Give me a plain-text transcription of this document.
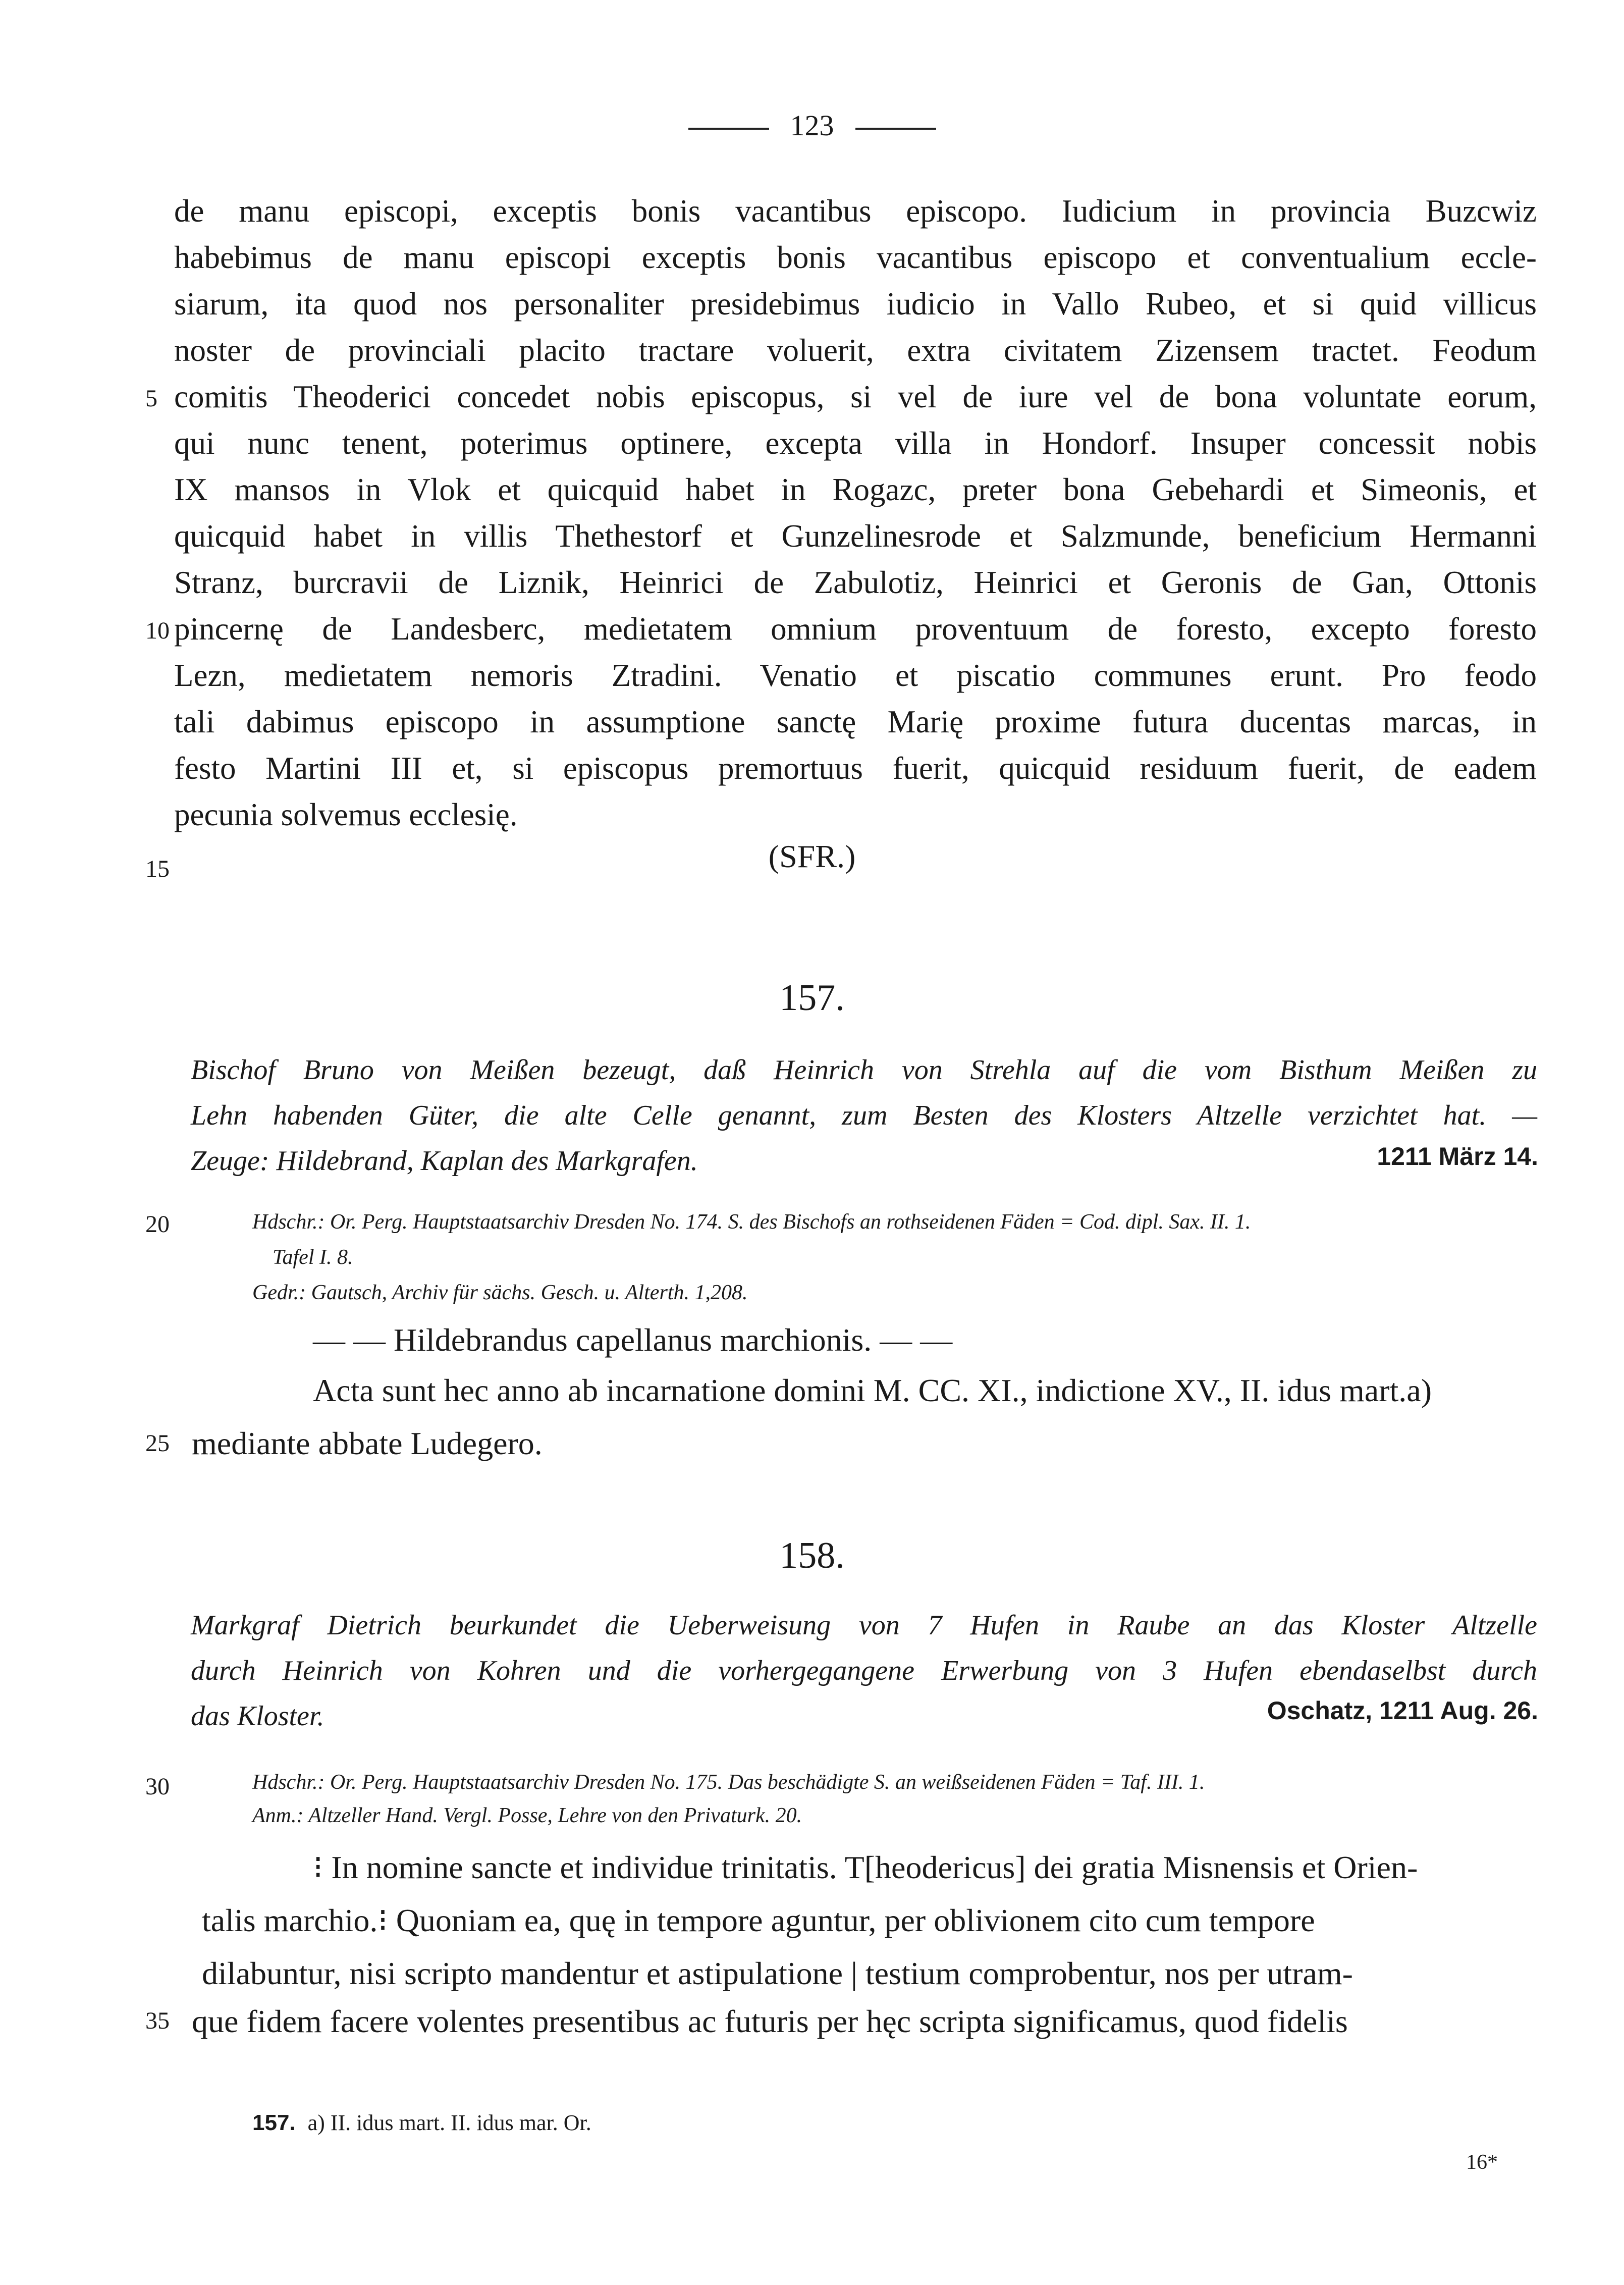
123
de manu episcopi, exceptis bonis vacantibus episcopo. Iudicium in provincia Buzcwiz
habebimus de manu episcopi exceptis bonis vacantibus episcopo et conventualium eccle-
siarum, ita quod nos personaliter presidebimus iudicio in Vallo Rubeo, et si quid villicus
noster de provinciali placito tractare voluerit, extra civitatem Zizensem tractet. Feodum
comitis Theoderici concedet nobis episcopus, si vel de iure vel de bona voluntate eorum,
qui nunc tenent, poterimus optinere, excepta villa in Hondorf. Insuper concessit nobis
IX mansos in Vlok et quicquid habet in Rogazc, preter bona Gebehardi et Simeonis, et
quicquid habet in villis Thethestorf et Gunzelinesrode et Salzmunde, beneficium Hermanni
Stranz, burcravii de Liznik, Heinrici de Zabulotiz, Heinrici et Geronis de Gan, Ottonis
pincernę de Landesberc, medietatem omnium proventuum de foresto, excepto foresto
Lezn, medietatem nemoris Ztradini. Venatio et piscatio communes erunt. Pro feodo
tali dabimus episcopo in assumptione sanctę Marię proxime futura ducentas marcas, in
festo Martini III et, si episcopus premortuus fuerit, quicquid residuum fuerit, de eadem
pecunia solvemus ecclesię.
(SFR.)
5
10
15
20
25
30
35
157.
Bischof Bruno von Meißen bezeugt, daß Heinrich von Strehla auf die vom Bisthum Meißen zu
Lehn habenden Güter, die alte Celle genannt, zum Besten des Klosters Altzelle verzichtet hat. —
Zeuge: Hildebrand, Kaplan des Markgrafen.	1211 März 14.
Hdschr.: Or. Perg. Hauptstaatsarchiv Dresden No. 174. S. des Bischofs an rothseidenen Fäden = Cod. dipl. Sax. II. 1.
Tafel I. 8.
Gedr.: Gautsch, Archiv für sächs. Gesch. u. Alterth. 1,208.
— — Hildebrandus capellanus marchionis. — —
Acta sunt hec anno ab incarnatione domini M. CC. XI., indictione XV., II. idus mart.a)
mediante abbate Ludegero.
158.
Markgraf Dietrich beurkundet die Ueberweisung von 7 Hufen in Raube an das Kloster Altzelle
durch Heinrich von Kohren und die vorhergegangene Erwerbung von 3 Hufen ebendaselbst durch
das Kloster.	Oschatz, 1211 Aug. 26.
Hdschr.: Or. Perg. Hauptstaatsarchiv Dresden No. 175. Das beschädigte S. an weißseidenen Fäden = Taf. III. 1.
Anm.: Altzeller Hand. Vergl. Posse, Lehre von den Privaturk. 20.
⁝ In nomine sancte et individue trinitatis. T[heodericus] dei gratia Misnensis et Orien-
talis marchio.⁝ Quoniam ea, quę in tempore aguntur, per oblivionem cito cum tempore
dilabuntur, nisi scripto mandentur et astipulatione | testium comprobentur, nos per utram-
que fidem facere volentes presentibus ac futuris per hęc scripta significamus, quod fidelis
157. a) II. idus mart. II. idus mar. Or.
16*
